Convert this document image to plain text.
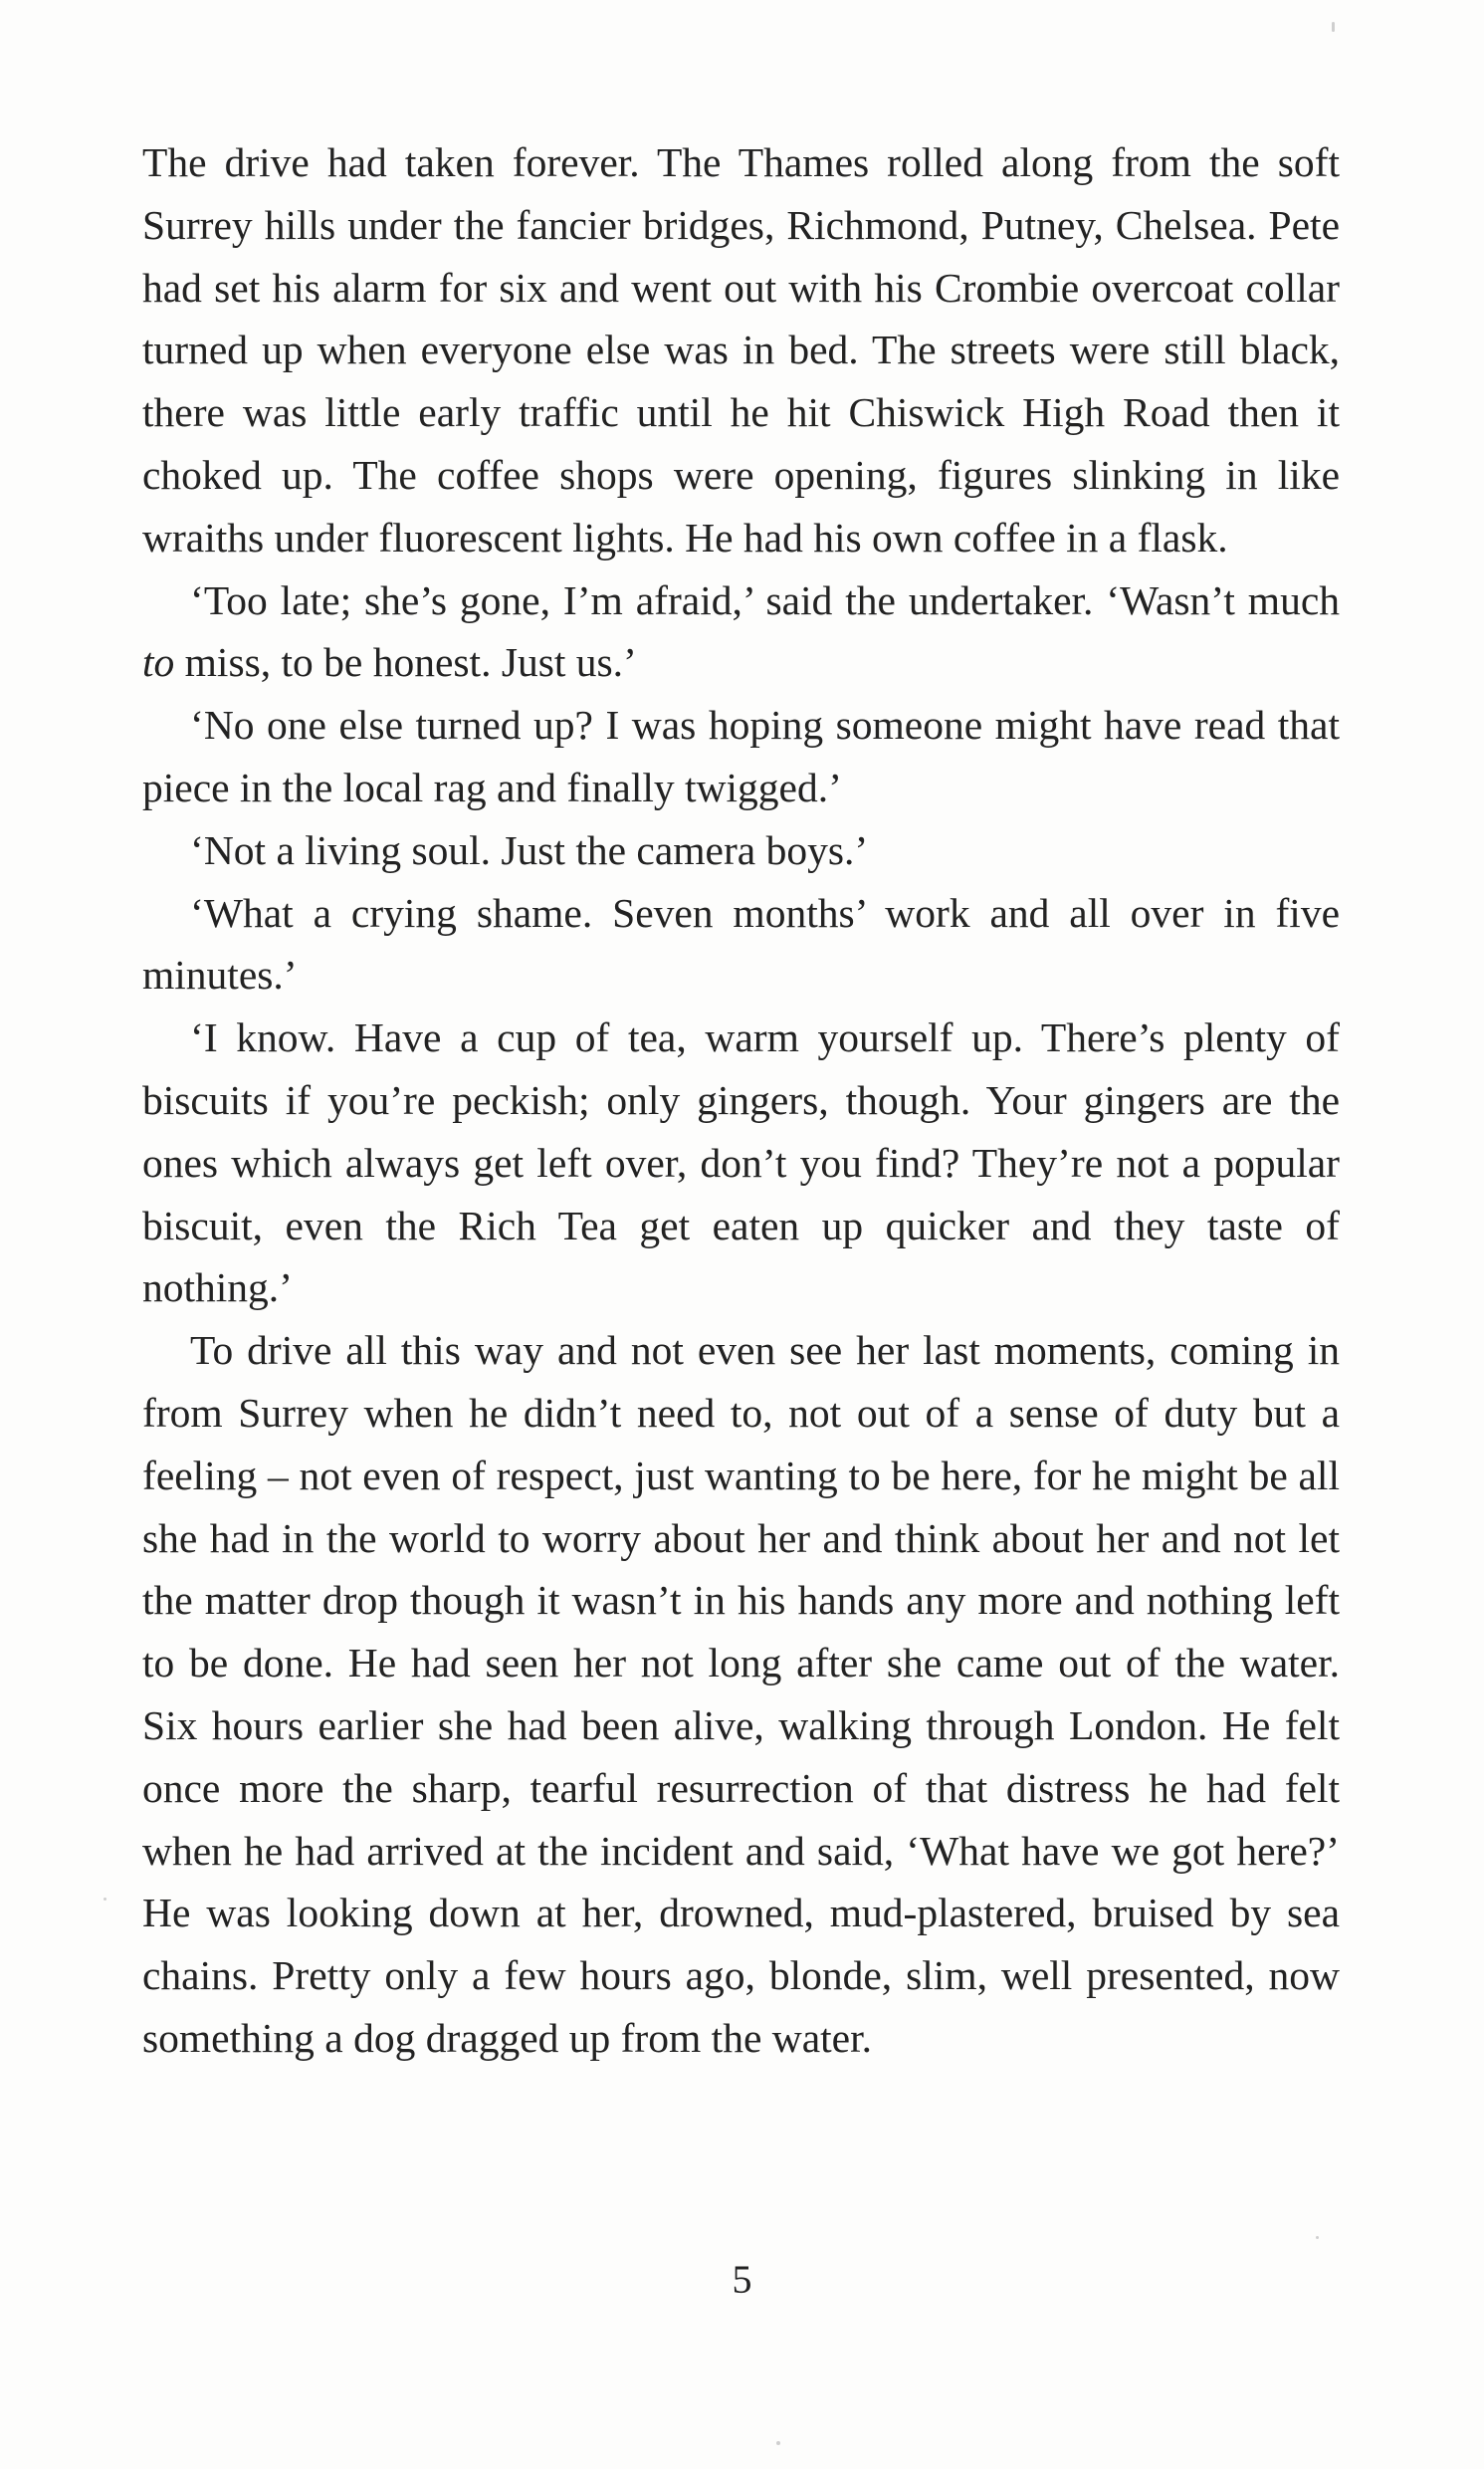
The drive had taken forever. The Thames rolled along from the soft Surrey hills under the fancier bridges, Richmond, Putney, Chelsea. Pete had set his alarm for six and went out with his Crombie overcoat collar turned up when everyone else was in bed. The streets were still black, there was little early traffic until he hit Chiswick High Road then it choked up. The coffee shops were opening, figures slinking in like wraiths under fluorescent lights. He had his own coffee in a flask.

‘Too late; she’s gone, I’m afraid,’ said the undertaker. ‘Wasn’t much to miss, to be honest. Just us.’

‘No one else turned up? I was hoping someone might have read that piece in the local rag and finally twigged.’

‘Not a living soul. Just the camera boys.’

‘What a crying shame. Seven months’ work and all over in five minutes.’

‘I know. Have a cup of tea, warm yourself up. There’s plenty of biscuits if you’re peckish; only gingers, though. Your gingers are the ones which always get left over, don’t you find? They’re not a popular biscuit, even the Rich Tea get eaten up quicker and they taste of nothing.’

To drive all this way and not even see her last moments, coming in from Surrey when he didn’t need to, not out of a sense of duty but a feeling – not even of respect, just wanting to be here, for he might be all she had in the world to worry about her and think about her and not let the matter drop though it wasn’t in his hands any more and nothing left to be done. He had seen her not long after she came out of the water. Six hours earlier she had been alive, walking through London. He felt once more the sharp, tearful resurrection of that distress he had felt when he had arrived at the incident and said, ‘What have we got here?’ He was looking down at her, drowned, mud-plastered, bruised by sea chains. Pretty only a few hours ago, blonde, slim, well presented, now something a dog dragged up from the water.

5
